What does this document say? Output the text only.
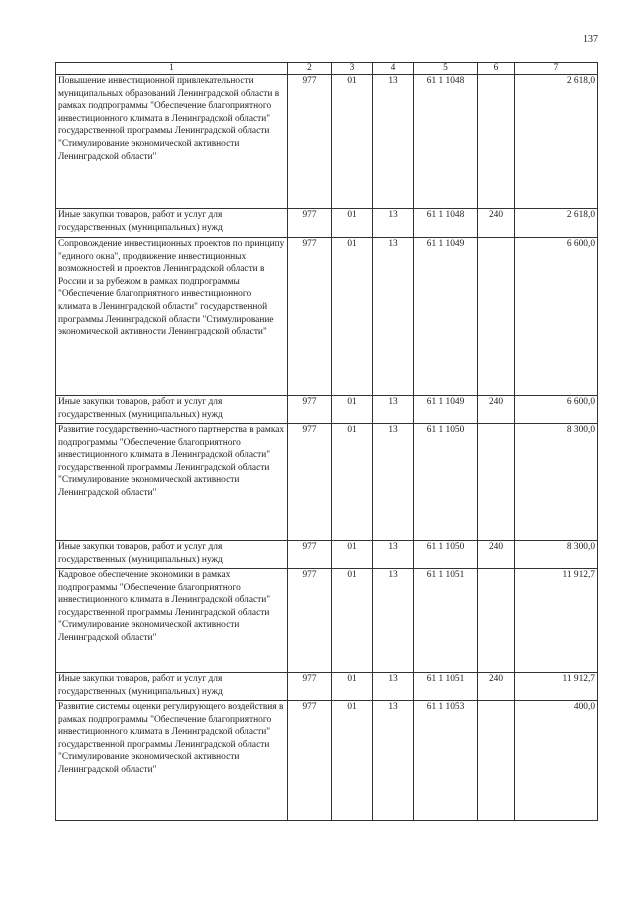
137
1	2	3	4	5	6	7
Повышение инвестиционной привлекательности муниципальных образований Ленинградской области в рамках подпрограммы "Обеспечение благоприятного инвестиционного климата в Ленинградской области" государственной программы Ленинградской области "Стимулирование экономической активности Ленинградской области"	977	01	13	61 1 1048		2 618,0
Иные закупки товаров, работ и услуг для государственных (муниципальных) нужд	977	01	13	61 1 1048	240	2 618,0
Сопровождение инвестиционных проектов по принципу "единого окна", продвижение инвестиционных возможностей и проектов Ленинградской области в России и за рубежом в рамках подпрограммы "Обеспечение благоприятного инвестиционного климата в Ленинградской области" государственной программы Ленинградской области "Стимулирование экономической активности Ленинградской области"	977	01	13	61 1 1049		6 600,0
Иные закупки товаров, работ и услуг для государственных (муниципальных) нужд	977	01	13	61 1 1049	240	6 600,0
Развитие государственно-частного партнерства в рамках подпрограммы "Обеспечение благоприятного инвестиционного климата в Ленинградской области" государственной программы Ленинградской области "Стимулирование экономической активности Ленинградской области"	977	01	13	61 1 1050		8 300,0
Иные закупки товаров, работ и услуг для государственных (муниципальных) нужд	977	01	13	61 1 1050	240	8 300,0
Кадровое обеспечение экономики в рамках подпрограммы "Обеспечение благоприятного инвестиционного климата в Ленинградской области" государственной программы Ленинградской области "Стимулирование экономической активности Ленинградской области"	977	01	13	61 1 1051		11 912,7
Иные закупки товаров, работ и услуг для государственных (муниципальных) нужд	977	01	13	61 1 1051	240	11 912,7
Развитие системы оценки регулирующего воздействия в рамках подпрограммы "Обеспечение благоприятного инвестиционного климата в Ленинградской области" государственной программы Ленинградской области "Стимулирование экономической активности Ленинградской области"	977	01	13	61 1 1053		400,0
